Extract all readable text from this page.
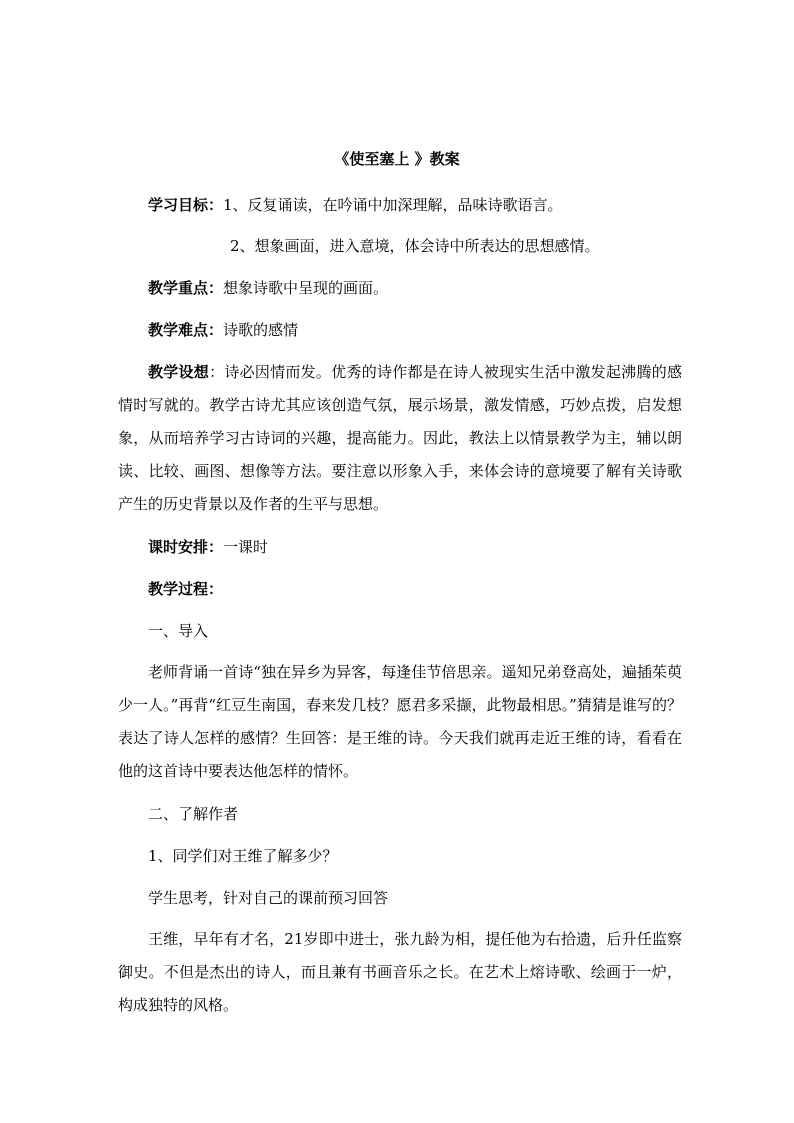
《使至塞上 》教案
学习目标：1、反复诵读，在吟诵中加深理解，品味诗歌语言。
2、想象画面，进入意境，体会诗中所表达的思想感情。
教学重点：想象诗歌中呈现的画面。
教学难点：诗歌的感情
教学设想：诗必因情而发。优秀的诗作都是在诗人被现实生活中激发起沸腾的感情时写就的。教学古诗尤其应该创造气氛，展示场景，激发情感，巧妙点拨，启发想象，从而培养学习古诗词的兴趣，提高能力。因此，教法上以情景教学为主，辅以朗读、比较、画图、想像等方法。要注意以形象入手，来体会诗的意境要了解有关诗歌产生的历史背景以及作者的生平与思想。
课时安排：一课时
教学过程：
一、导入
老师背诵一首诗“独在异乡为异客，每逢佳节倍思亲。遥知兄弟登高处，遍插茱萸少一人。”再背“红豆生南国，春来发几枝？愿君多采撷，此物最相思。”猜猜是谁写的？表达了诗人怎样的感情？生回答：是王维的诗。今天我们就再走近王维的诗，看看在他的这首诗中要表达他怎样的情怀。
二、了解作者
1、同学们对王维了解多少？
学生思考，针对自己的课前预习回答
王维，早年有才名，21岁即中进士，张九龄为相，提任他为右拾遗，后升任监察御史。不但是杰出的诗人，而且兼有书画音乐之长。在艺术上熔诗歌、绘画于一炉，构成独特的风格。
